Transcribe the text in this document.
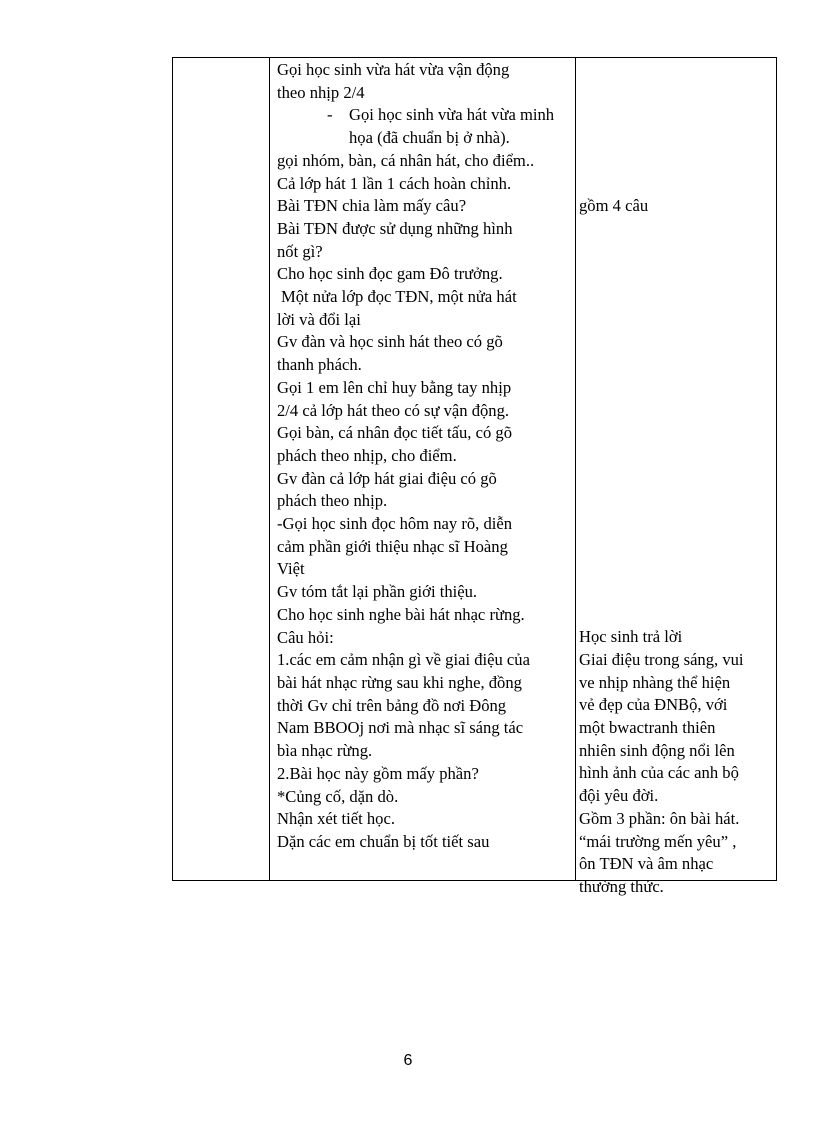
Gọi học sinh vừa hát vừa vận động
theo nhịp 2/4
- Gọi học sinh vừa hát vừa minh
họa (đã chuẩn bị ở nhà).
gọi nhóm, bàn, cá nhân hát, cho điểm..
Cả lớp hát 1 lần 1 cách hoàn chỉnh.
Bài TĐN chia làm mấy câu?
Bài TĐN được sử dụng những hình
nốt gì?
Cho học sinh đọc gam Đô trưởng.
Một nửa lớp đọc TĐN, một nửa hát
lời và đổi lại
Gv đàn và học sinh hát theo có gõ
thanh phách.
Gọi 1 em lên chỉ huy bằng tay nhịp
2/4 cả lớp hát theo có sự vận động.
Gọi bàn, cá nhân đọc tiết tấu, có gõ
phách theo nhịp, cho điểm.
Gv đàn cả lớp hát giai điệu có gõ
phách theo nhịp.
-Gọi học sinh đọc hôm nay rõ, diễn
cảm phần giới thiệu nhạc sĩ Hoàng
Việt
Gv tóm tắt lại phần giới thiệu.
Cho học sinh nghe bài hát nhạc rừng.
Câu hỏi:
1.các em cảm nhận gì về giai điệu của
bài hát nhạc rừng sau khi nghe, đồng
thời Gv chỉ trên bảng đồ nơi Đông
Nam BBOOj nơi mà nhạc sĩ sáng tác
bìa nhạc rừng.
2.Bài học này gồm mấy phần?
*Củng cố, dặn dò.
Nhận xét tiết học.
Dặn các em chuẩn bị tốt tiết sau
gồm 4 câu
Học sinh trả lời
Giai điệu trong sáng, vui
ve nhịp nhàng thể hiện
vẻ đẹp của ĐNBộ, với
một bwactranh thiên
nhiên sinh động nổi lên
hình ảnh của các anh bộ
đội yêu đời.
Gồm 3 phần: ôn bài hát.
“mái trường mến yêu” ,
ôn TĐN và âm nhạc
thường thức.
6
